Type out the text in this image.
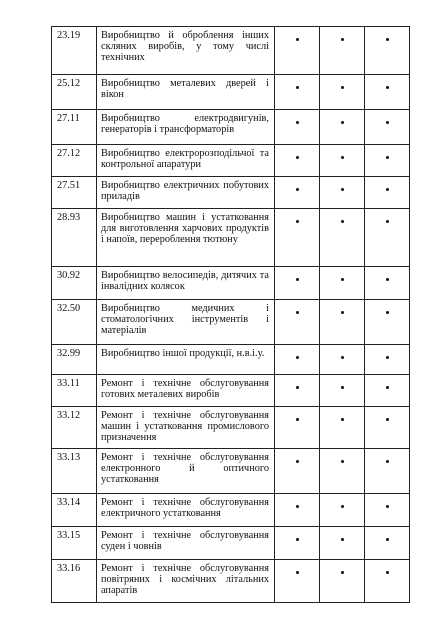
23.19	Виробництво й оброблення інших скляних виробів, у тому числі технічних			
25.12	Виробництво металевих дверей і вікон			
27.11	Виробництво електродвигунів, генераторів і трансформаторів			
27.12	Виробництво електророзподільчої та контрольної апаратури			
27.51	Виробництво електричних побутових приладів			
28.93	Виробництво машин і устатковання для виготовлення харчових продуктів і напоїв, перероблення тютюну			
30.92	Виробництво велосипедів, дитячих та інвалідних колясок			
32.50	Виробництво медичних і стоматологічних інструментів і матеріалів			
32.99	Виробництво іншої продукції, н.в.і.у.			
33.11	Ремонт і технічне обслуговування готових металевих виробів			
33.12	Ремонт і технічне обслуговування машин і устатковання промислового призначення			
33.13	Ремонт і технічне обслуговування електронного й оптичного устатковання			
33.14	Ремонт і технічне обслуговування електричного устатковання			
33.15	Ремонт і технічне обслуговування суден і човнів			
33.16	Ремонт і технічне обслуговування повітряних і космічних літальних апаратів			
